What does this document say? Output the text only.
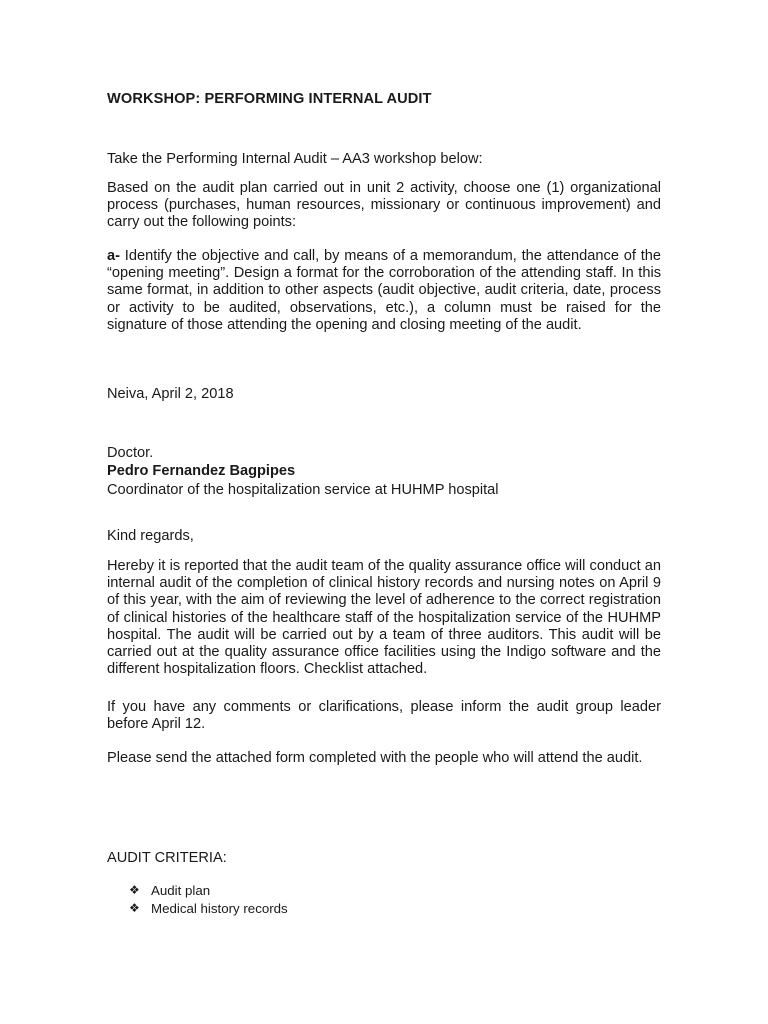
WORKSHOP: PERFORMING INTERNAL AUDIT
Take the Performing Internal Audit – AA3 workshop below:
Based on the audit plan carried out in unit 2 activity, choose one (1) organizational process (purchases, human resources, missionary or continuous improvement) and carry out the following points:
a- Identify the objective and call, by means of a memorandum, the attendance of the “opening meeting”. Design a format for the corroboration of the attending staff. In this same format, in addition to other aspects (audit objective, audit criteria, date, process or activity to be audited, observations, etc.), a column must be raised for the signature of those attending the opening and closing meeting of the audit.
Neiva, April 2, 2018
Doctor.
Pedro Fernandez Bagpipes
Coordinator of the hospitalization service at HUHMP hospital
Kind regards,
Hereby it is reported that the audit team of the quality assurance office will conduct an internal audit of the completion of clinical history records and nursing notes on April 9 of this year, with the aim of reviewing the level of adherence to the correct registration of clinical histories of the healthcare staff of the hospitalization service of the HUHMP hospital. The audit will be carried out by a team of three auditors. This audit will be carried out at the quality assurance office facilities using the Indigo software and the different hospitalization floors. Checklist attached.
If you have any comments or clarifications, please inform the audit group leader before April 12.
Please send the attached form completed with the people who will attend the audit.
AUDIT CRITERIA:
❖ Audit plan
❖ Medical history records
